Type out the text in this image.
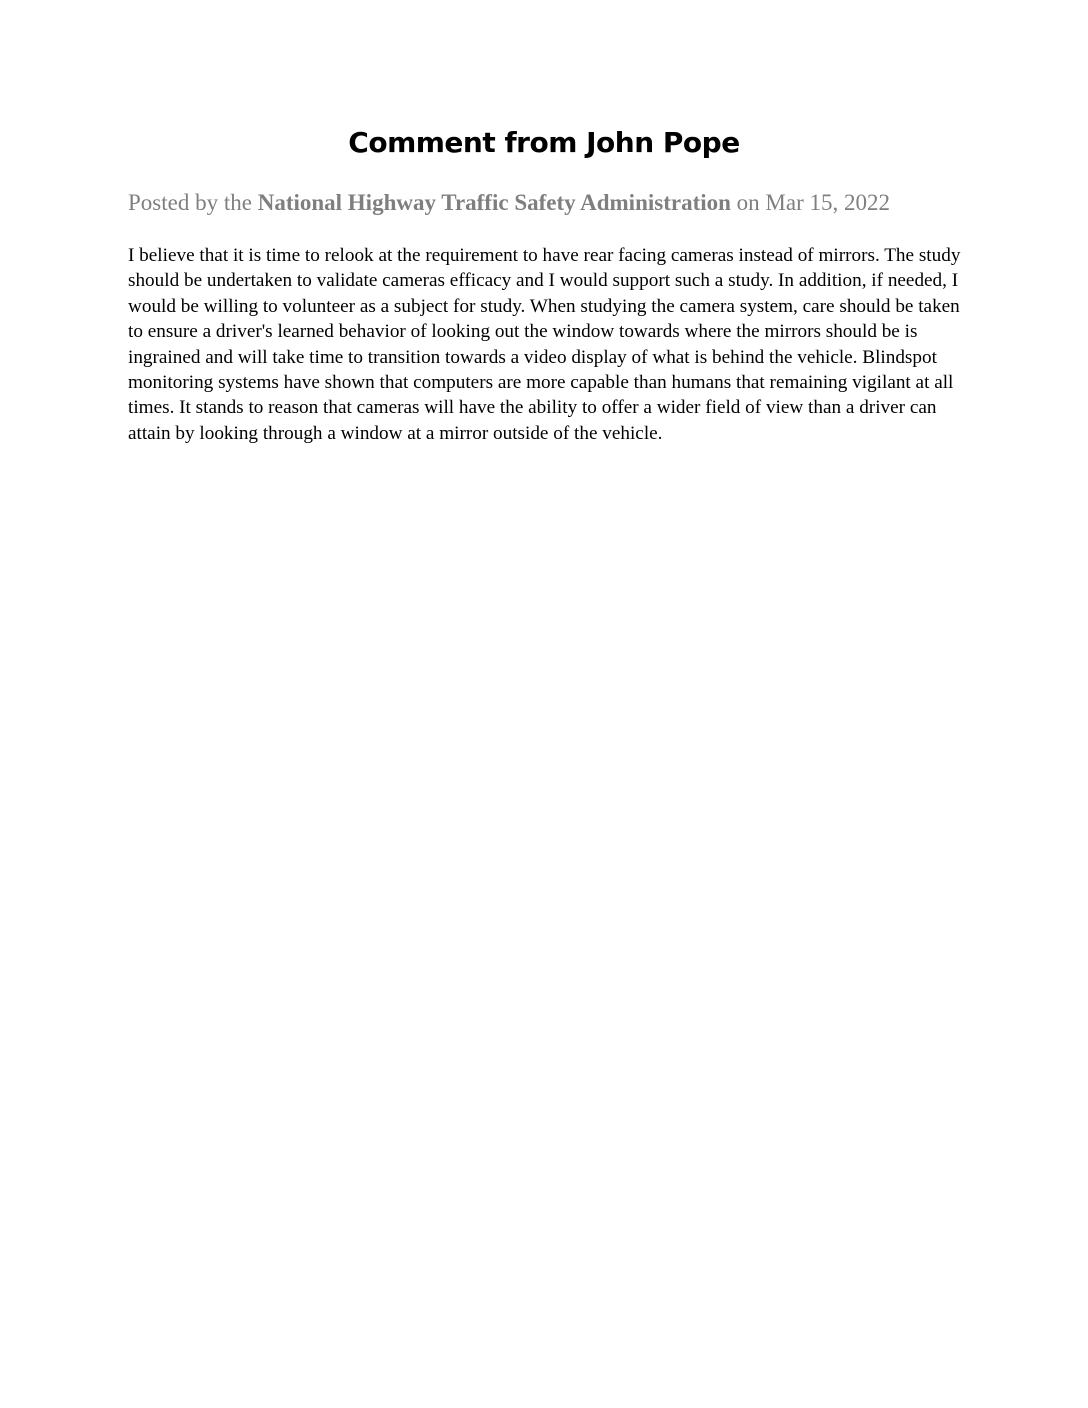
Comment from John Pope
Posted by the National Highway Traffic Safety Administration on Mar 15, 2022

I believe that it is time to relook at the requirement to have rear facing cameras instead of mirrors. The study should be undertaken to validate cameras efficacy and I would support such a study. In addition, if needed, I would be willing to volunteer as a subject for study. When studying the camera system, care should be taken to ensure a driver's learned behavior of looking out the window towards where the mirrors should be is ingrained and will take time to transition towards a video display of what is behind the vehicle. Blindspot monitoring systems have shown that computers are more capable than humans that remaining vigilant at all times. It stands to reason that cameras will have the ability to offer a wider field of view than a driver can attain by looking through a window at a mirror outside of the vehicle.
